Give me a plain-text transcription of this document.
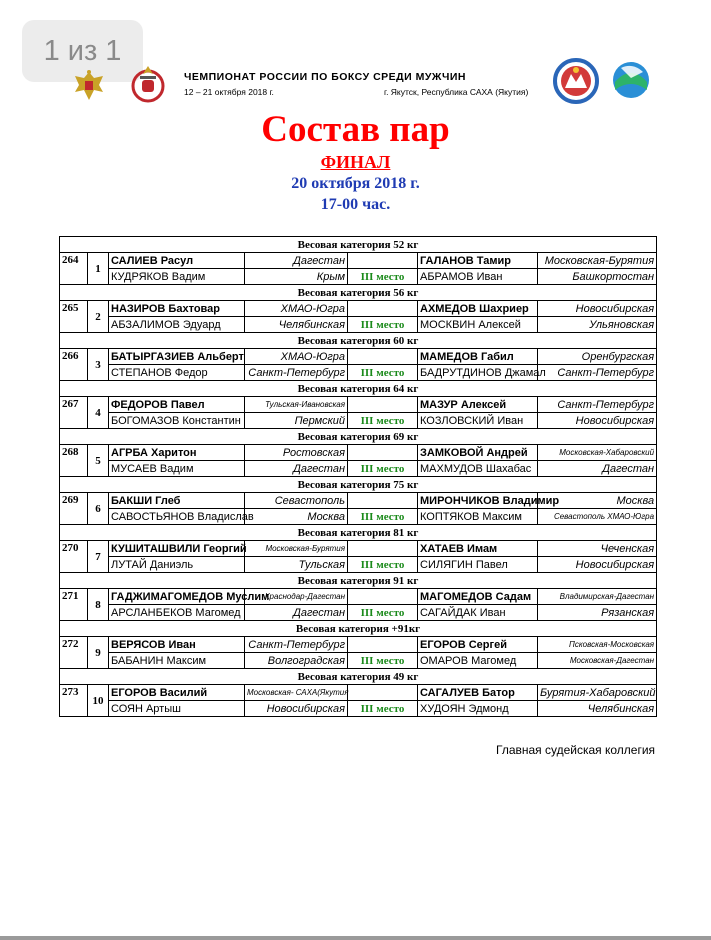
1 из 1
ЧЕМПИОНАТ РОССИИ ПО БОКСУ СРЕДИ МУЖЧИН
12 – 21 октября 2018 г.	г. Якутск, Республика САХА (Якутия)
Состав пар
ФИНАЛ
20 октября 2018 г.
17-00 час.
Весовая категория 52 кг						
264	1	САЛИЕВ Расул	Дагестан		ГАЛАНОВ Тамир	Московская-Бурятия
		КУДРЯКОВ Вадим	Крым	III место	АБРАМОВ Иван	Башкортостан
Весовая категория 56 кг						
265	2	НАЗИРОВ Бахтовар	ХМАО-Югра		АХМЕДОВ Шахриер	Новосибирская
		АБЗАЛИМОВ Эдуард	Челябинская	III место	МОСКВИН Алексей	Ульяновская
Весовая категория 60 кг						
266	3	БАТЫРГАЗИЕВ Альберт	ХМАО-Югра		МАМЕДОВ Габил	Оренбургская
		СТЕПАНОВ Федор	Санкт-Петербург	III место	БАДРУТДИНОВ Джамал	Санкт-Петербург
Весовая категория 64 кг						
267	4	ФЕДОРОВ Павел	Тульская-Ивановская		МАЗУР Алексей	Санкт-Петербург
		БОГОМАЗОВ Константин	Пермский	III место	КОЗЛОВСКИЙ Иван	Новосибирская
Весовая категория 69 кг						
268	5	АГРБА Харитон	Ростовская		ЗАМКОВОЙ Андрей	Московская-Хабаровский
		МУСАЕВ Вадим	Дагестан	III место	МАХМУДОВ Шахабас	Дагестан
Весовая категория 75 кг						
269	6	БАКШИ Глеб	Севастополь		МИРОНЧИКОВ Владимир	Москва
		САВОСТЬЯНОВ Владислав	Москва	III место	КОПТЯКОВ Максим	Севастополь ХМАО-Югра
Весовая категория 81 кг						
270	7	КУШИТАШВИЛИ Георгий	Московская-Бурятия		ХАТАЕВ Имам	Чеченская
		ЛУТАЙ Даниэль	Тульская	III место	СИЛЯГИН Павел	Новосибирская
Весовая категория 91 кг						
271	8	ГАДЖИМАГОМЕДОВ Муслим	Краснодар-Дагестан		МАГОМЕДОВ Садам	Владимирская-Дагестан
		АРСЛАНБЕКОВ Магомед	Дагестан	III место	САГАЙДАК Иван	Рязанская
Весовая категория +91кг						
272	9	ВЕРЯСОВ Иван	Санкт-Петербург		ЕГОРОВ Сергей	Псковская-Московская
		БАБАНИН Максим	Волгоградская	III место	ОМАРОВ Магомед	Московская-Дагестан
Весовая категория 49 кг						
273	10	ЕГОРОВ Василий	Московская- САХА(Якутия		САГАЛУЕВ Батор	Бурятия-Хабаровский
		СОЯН Артыш	Новосибирская	III место	ХУДОЯН Эдмонд	Челябинская
Главная судейская коллегия
